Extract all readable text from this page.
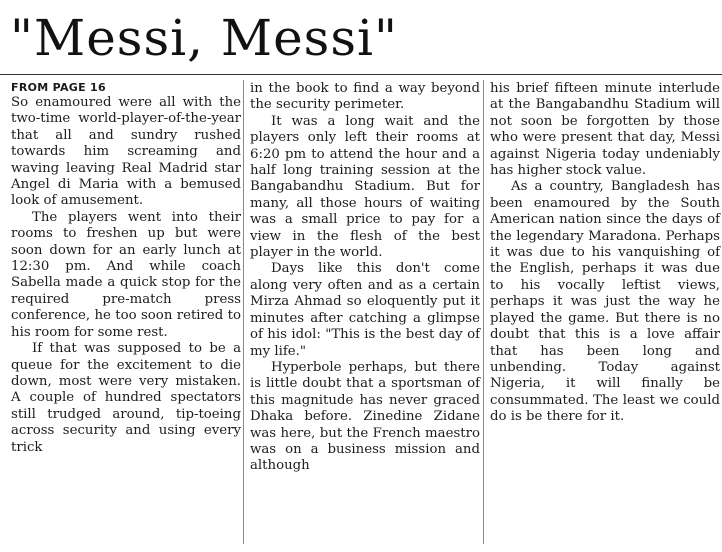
"Messi, Messi"
FROM PAGE 16

So enamoured were all with the two-time world-player-of-the-year that all and sundry rushed towards him screaming and waving leaving Real Madrid star Angel di Maria with a bemused look of amusement.

The players went into their rooms to freshen up but were soon down for an early lunch at 12:30 pm. And while coach Sabella made a quick stop for the required pre-match press conference, he too soon retired to his room for some rest.

If that was supposed to be a queue for the excitement to die down, most were very mistaken. A couple of hundred spectators still trudged around, tip-toeing across security and using every trick

in the book to find a way beyond the security perimeter.

It was a long wait and the players only left their rooms at 6:20 pm to attend the hour and a half long training session at the Bangabandhu Stadium. But for many, all those hours of waiting was a small price to pay for a view in the flesh of the best player in the world.

Days like this don't come along very often and as a certain Mirza Ahmad so eloquently put it minutes after catching a glimpse of his idol: "This is the best day of my life."

Hyperbole perhaps, but there is little doubt that a sportsman of this magnitude has never graced Dhaka before. Zinedine Zidane was here, but the French maestro was on a business mission and although

his brief fifteen minute interlude at the Bangabandhu Stadium will not soon be forgotten by those who were present that day, Messi against Nigeria today undeniably has higher stock value.

As a country, Bangladesh has been enamoured by the South American nation since the days of the legendary Maradona. Perhaps it was due to his vanquishing of the English, perhaps it was due to his vocally leftist views, perhaps it was just the way he played the game. But there is no doubt that this is a love affair that has been long and unbending. Today against Nigeria, it will finally be consummated. The least we could do is be there for it.
